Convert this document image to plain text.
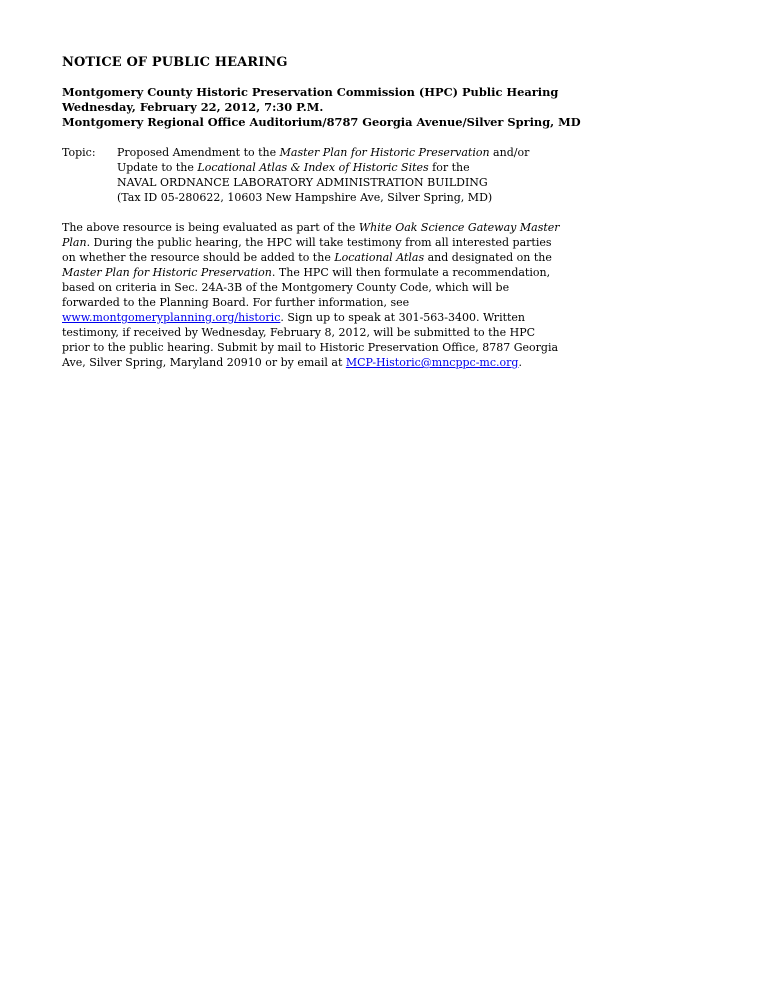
NOTICE OF PUBLIC HEARING
Montgomery County Historic Preservation Commission (HPC) Public Hearing
Wednesday, February 22, 2012, 7:30 P.M.
Montgomery Regional Office Auditorium/8787 Georgia Avenue/Silver Spring, MD
Topic:	Proposed Amendment to the Master Plan for Historic Preservation and/or
Update to the Locational Atlas & Index of Historic Sites for the
NAVAL ORDNANCE LABORATORY ADMINISTRATION BUILDING
(Tax ID 05-280622, 10603 New Hampshire Ave, Silver Spring, MD)
The above resource is being evaluated as part of the White Oak Science Gateway Master
Plan. During the public hearing, the HPC will take testimony from all interested parties
on whether the resource should be added to the Locational Atlas and designated on the
Master Plan for Historic Preservation. The HPC will then formulate a recommendation,
based on criteria in Sec. 24A-3B of the Montgomery County Code, which will be
forwarded to the Planning Board. For further information, see
www.montgomeryplanning.org/historic. Sign up to speak at 301-563-3400. Written
testimony, if received by Wednesday, February 8, 2012, will be submitted to the HPC
prior to the public hearing. Submit by mail to Historic Preservation Office, 8787 Georgia
Ave, Silver Spring, Maryland 20910 or by email at MCP-Historic@mncppc-mc.org.
